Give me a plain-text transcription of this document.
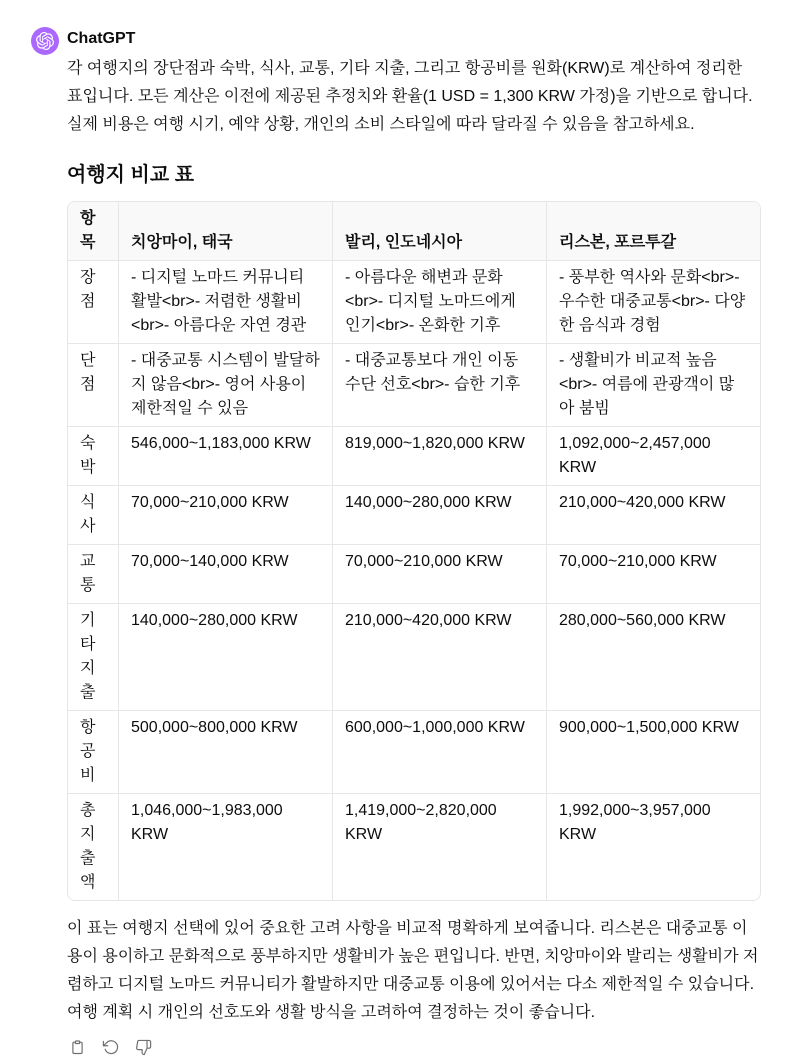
ChatGPT

각 여행지의 장단점과 숙박, 식사, 교통, 기타 지출, 그리고 항공비를 원화(KRW)로 계산하여 정리한 표입니다. 모든 계산은 이전에 제공된 추정치와 환율(1 USD = 1,300 KRW 가정)을 기반으로 합니다. 실제 비용은 여행 시기, 예약 상황, 개인의 소비 스타일에 따라 달라질 수 있음을 참고하세요.

여행지 비교 표
항목	치앙마이, 태국	발리, 인도네시아	리스본, 포르투갈
장점	- 디지털 노마드 커뮤니티 활발<br>- 저렴한 생활비<br>- 아름다운 자연 경관	- 아름다운 해변과 문화<br>- 디지털 노마드에게 인기<br>- 온화한 기후	- 풍부한 역사와 문화<br>- 우수한 대중교통<br>- 다양한 음식과 경험
단점	- 대중교통 시스템이 발달하지 않음<br>- 영어 사용이 제한적일 수 있음	- 대중교통보다 개인 이동 수단 선호<br>- 습한 기후	- 생활비가 비교적 높음<br>- 여름에 관광객이 많아 붐빔
숙박	546,000~1,183,000 KRW	819,000~1,820,000 KRW	1,092,000~2,457,000 KRW
식사	70,000~210,000 KRW	140,000~280,000 KRW	210,000~420,000 KRW
교통	70,000~140,000 KRW	70,000~210,000 KRW	70,000~210,000 KRW
기타 지출	140,000~280,000 KRW	210,000~420,000 KRW	280,000~560,000 KRW
항공비	500,000~800,000 KRW	600,000~1,000,000 KRW	900,000~1,500,000 KRW
총 지출액	1,046,000~1,983,000 KRW	1,419,000~2,820,000 KRW	1,992,000~3,957,000 KRW

이 표는 여행지 선택에 있어 중요한 고려 사항을 비교적 명확하게 보여줍니다. 리스본은 대중교통 이용이 용이하고 문화적으로 풍부하지만 생활비가 높은 편입니다. 반면, 치앙마이와 발리는 생활비가 저렴하고 디지털 노마드 커뮤니티가 활발하지만 대중교통 이용에 있어서는 다소 제한적일 수 있습니다. 여행 계획 시 개인의 선호도와 생활 방식을 고려하여 결정하는 것이 좋습니다.
